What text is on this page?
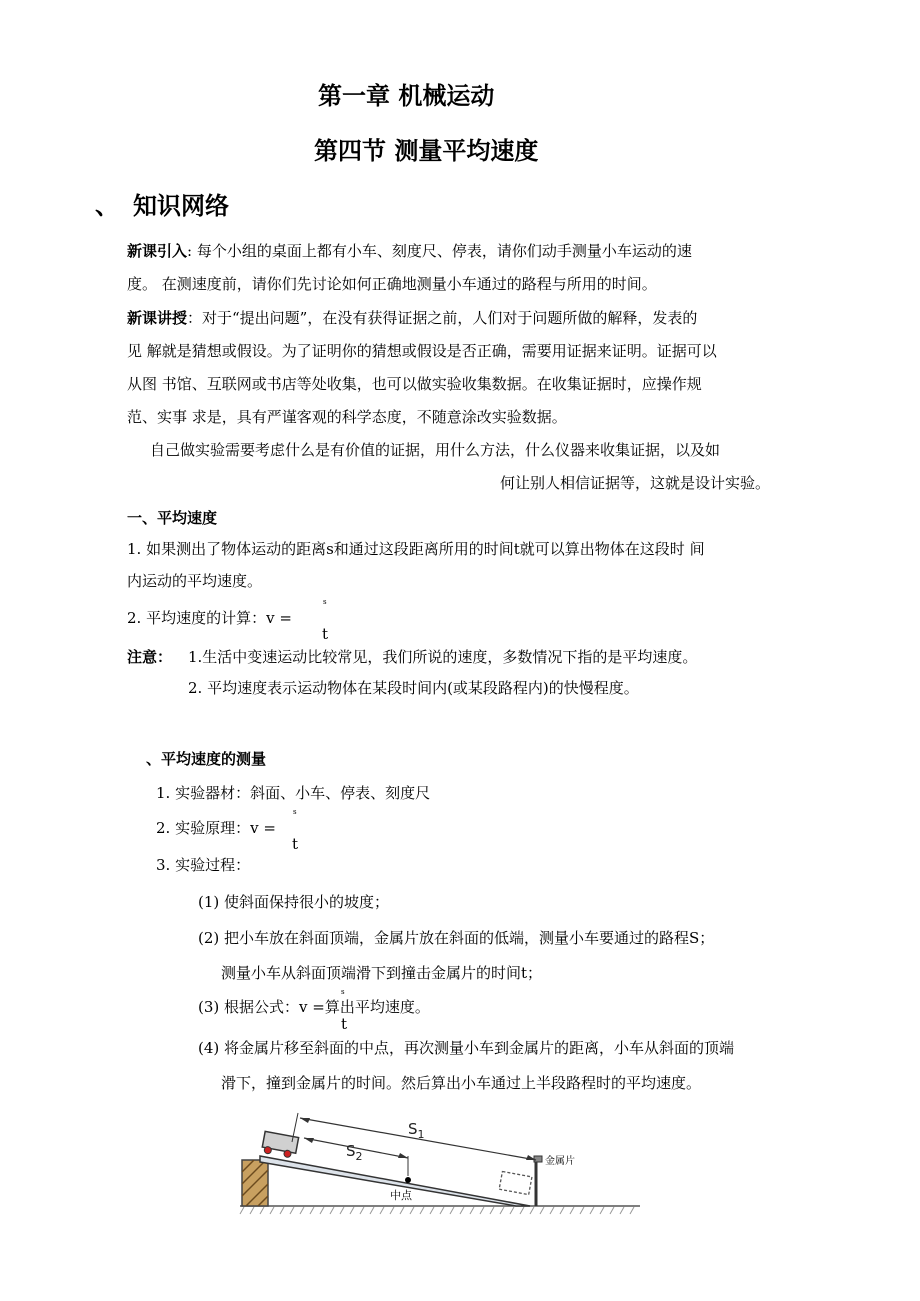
第一章 机械运动
第四节 测量平均速度
、 知识网络
新课引入: 每个小组的桌面上都有小车、刻度尺、停表，请你们动手测量小车运动的速
度。 在测速度前，请你们先讨论如何正确地测量小车通过的路程与所用的时间。
新课讲授：对于“提出问题”，在没有获得证据之前，人们对于问题所做的解释，发表的
见 解就是猜想或假设。为了证明你的猜想或假设是否正确，需要用证据来证明。证据可以
从图 书馆、互联网或书店等处收集，也可以做实验收集数据。在收集证据时，应操作规
范、实事 求是，具有严谨客观的科学态度，不随意涂改实验数据。
自己做实验需要考虑什么是有价值的证据，用什么方法，什么仪器来收集证据，以及如
何让别人相信证据等，这就是设计实验。
一、平均速度
1. 如果测出了物体运动的距离s和通过这段距离所用的时间t就可以算出物体在这段时 间
内运动的平均速度。
2. 平均速度的计算：v =
s
t
注意： 1.生活中变速运动比较常见，我们所说的速度，多数情况下指的是平均速度。
2. 平均速度表示运动物体在某段时间内(或某段路程内)的快慢程度。
、平均速度的测量
1. 实验器材：斜面、小车、停表、刻度尺
2. 实验原理：v =
s
t
3. 实验过程：
(1) 使斜面保持很小的坡度；
(2) 把小车放在斜面顶端，金属片放在斜面的低端，测量小车要通过的路程S；
测量小车从斜面顶端滑下到撞击金属片的时间t；
(3) 根据公式：v =算出平均速度。
s
t
(4) 将金属片移至斜面的中点，再次测量小车到金属片的距离，小车从斜面的顶端
滑下，撞到金属片的时间。然后算出小车通过上半段路程时的平均速度。
$S_1$
$S_2$
中点
金属片
